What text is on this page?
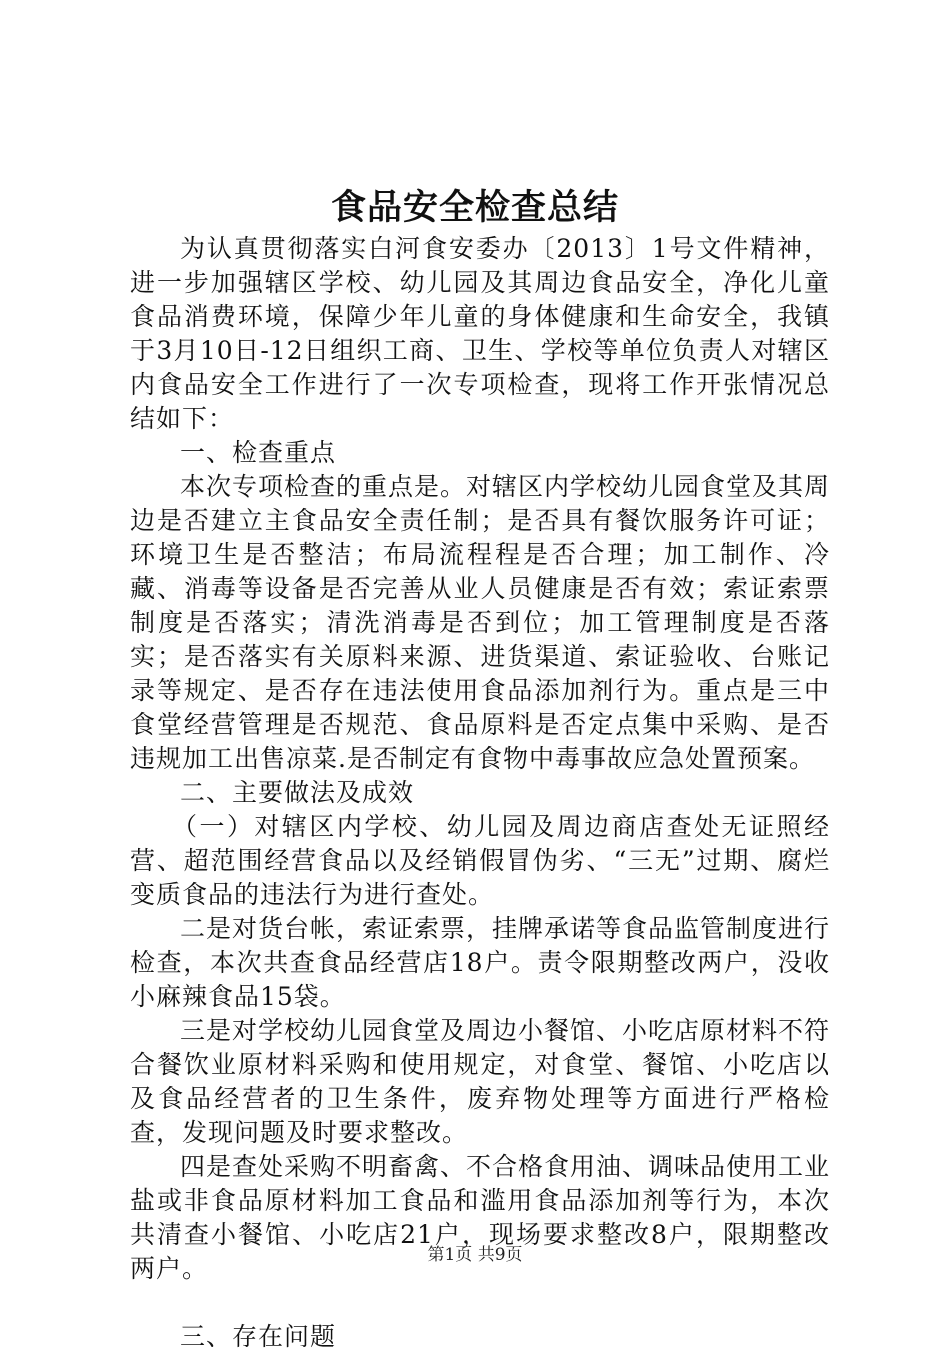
食品安全检查总结

为认真贯彻落实白河食安委办〔2013〕1号文件精神，进一步加强辖区学校、幼儿园及其周边食品安全，净化儿童食品消费环境，保障少年儿童的身体健康和生命安全，我镇于3月10日-12日组织工商、卫生、学校等单位负责人对辖区内食品安全工作进行了一次专项检查，现将工作开张情况总结如下：

一、检查重点

本次专项检查的重点是。对辖区内学校幼儿园食堂及其周边是否建立主食品安全责任制；是否具有餐饮服务许可证；环境卫生是否整洁；布局流程程是否合理；加工制作、冷藏、消毒等设备是否完善从业人员健康是否有效；索证索票制度是否落实；清洗消毒是否到位；加工管理制度是否落实；是否落实有关原料来源、进货渠道、索证验收、台账记录等规定、是否存在违法使用食品添加剂行为。重点是三中食堂经营管理是否规范、食品原料是否定点集中采购、是否违规加工出售凉菜.是否制定有食物中毒事故应急处置预案。

二、主要做法及成效

（一）对辖区内学校、幼儿园及周边商店查处无证照经营、超范围经营食品以及经销假冒伪劣、“三无”过期、腐烂变质食品的违法行为进行查处。

二是对货台帐，索证索票，挂牌承诺等食品监管制度进行检查，本次共查食品经营店18户。责令限期整改两户，没收小麻辣食品15袋。

三是对学校幼儿园食堂及周边小餐馆、小吃店原材料不符合餐饮业原材料采购和使用规定，对食堂、餐馆、小吃店以及食品经营者的卫生条件，废弃物处理等方面进行严格检查，发现问题及时要求整改。

四是查处采购不明畜禽、不合格食用油、调味品使用工业盐或非食品原材料加工食品和滥用食品添加剂等行为，本次共清查小餐馆、小吃店21户，现场要求整改8户，限期整改两户。

三、存在问题

第1页 共9页
